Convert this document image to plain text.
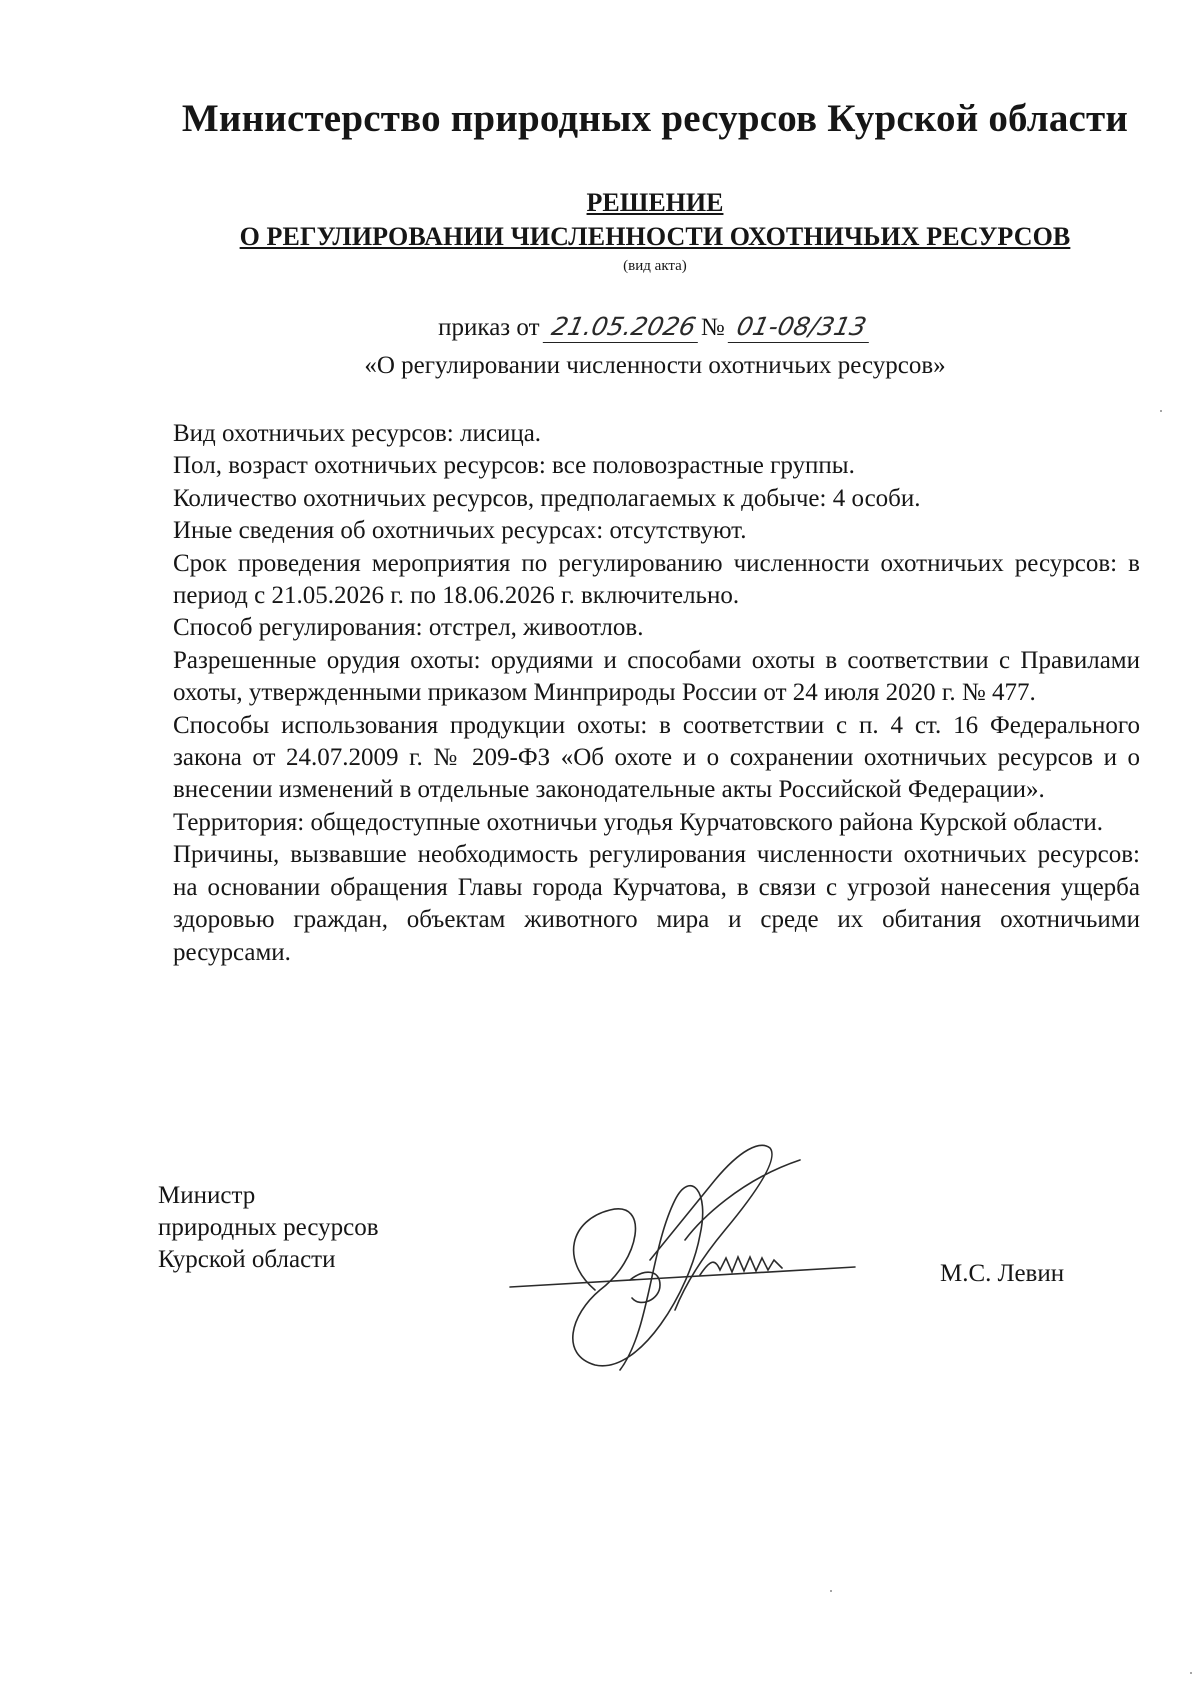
Министерство природных ресурсов Курской области
РЕШЕНИЕ
О РЕГУЛИРОВАНИИ ЧИСЛЕННОСТИ ОХОТНИЧЬИХ РЕСУРСОВ
(вид акта)
приказ от 21.05.2026 № 01-08/313
«О регулировании численности охотничьих ресурсов»

Вид охотничьих ресурсов: лисица.

Пол, возраст охотничьих ресурсов: все половозрастные группы.

Количество охотничьих ресурсов, предполагаемых к добыче: 4 особи.

Иные сведения об охотничьих ресурсах: отсутствуют.

Срок проведения мероприятия по регулированию численности охотничьих ресурсов: в период с 21.05.2026 г. по 18.06.2026 г. включительно.

Способ регулирования: отстрел, живоотлов.

Разрешенные орудия охоты: орудиями и способами охоты в соответствии с Правилами охоты, утвержденными приказом Минприроды России от 24 июля 2020 г. № 477.

Способы использования продукции охоты: в соответствии с п. 4 ст. 16 Федерального закона от 24.07.2009 г. № 209-ФЗ «Об охоте и о сохранении охотничьих ресурсов и о внесении изменений в отдельные законодательные акты Российской Федерации».

Территория: общедоступные охотничьи угодья Курчатовского района Курской области.

Причины, вызвавшие необходимость регулирования численности охотничьих ресурсов: на основании обращения Главы города Курчатова, в связи с угрозой нанесения ущерба здоровью граждан, объектам животного мира и среде их обитания охотничьими ресурсами.

Министр
природных ресурсов
Курской области
М.С. Левин
